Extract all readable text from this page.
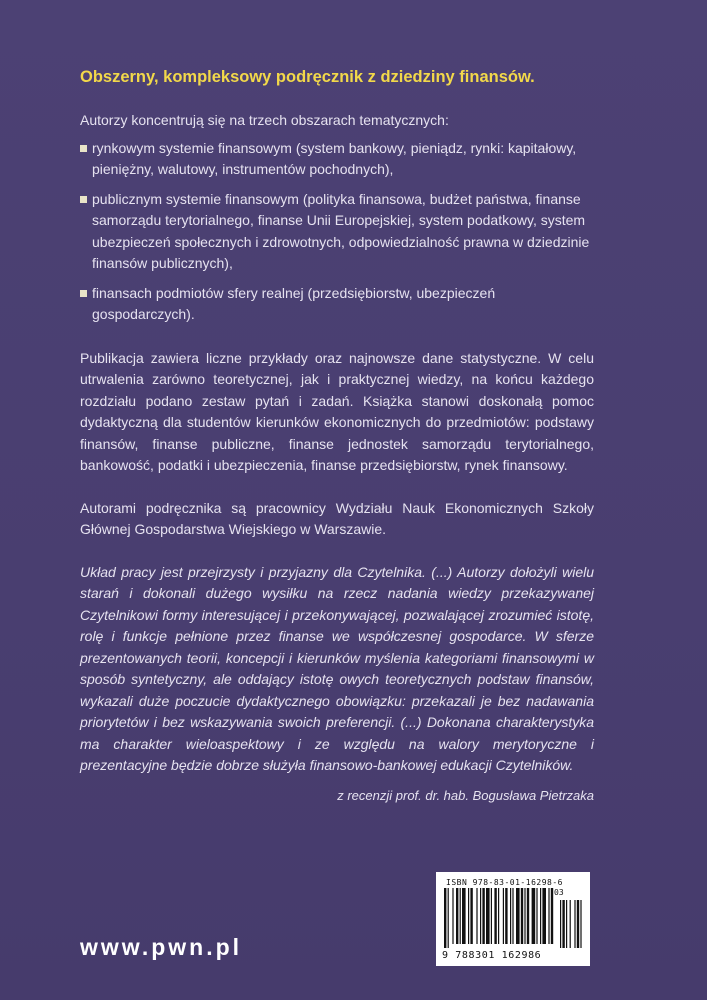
Obszerny, kompleksowy podręcznik z dziedziny finansów.

Autorzy koncentrują się na trzech obszarach tematycznych:

rynkowym systemie finansowym (system bankowy, pieniądz, rynki: kapitałowy, pieniężny, walutowy, instrumentów pochodnych),
publicznym systemie finansowym (polityka finansowa, budżet państwa, finanse samorządu terytorialnego, finanse Unii Europejskiej, system podatkowy, system ubezpieczeń społecznych i zdrowotnych, odpowiedzialność prawna w dziedzinie finansów publicznych),
finansach podmiotów sfery realnej (przedsiębiorstw, ubezpieczeń gospodarczych).

Publikacja zawiera liczne przykłady oraz najnowsze dane statystyczne. W celu utrwalenia zarówno teoretycznej, jak i praktycznej wiedzy, na końcu każdego rozdziału podano zestaw pytań i zadań. Książka stanowi doskonałą pomoc dydaktyczną dla studentów kierunków ekonomicznych do przedmiotów: podstawy finansów, finanse publiczne, finanse jednostek samorządu terytorialnego, bankowość, podatki i ubezpieczenia, finanse przedsiębiorstw, rynek finansowy.

Autorami podręcznika są pracownicy Wydziału Nauk Ekonomicznych Szkoły Głównej Gospodarstwa Wiejskiego w Warszawie.

Układ pracy jest przejrzysty i przyjazny dla Czytelnika. (...) Autorzy dołożyli wielu starań i dokonali dużego wysiłku na rzecz nadania wiedzy przekazywanej Czytelnikowi formy interesującej i przekonywającej, pozwalającej zrozumieć istotę, rolę i funkcje pełnione przez finanse we współczesnej gospodarce. W sferze prezentowanych teorii, koncepcji i kierunków myślenia kategoriami finansowymi w sposób syntetyczny, ale oddający istotę owych teoretycznych podstaw finansów, wykazali duże poczucie dydaktycznego obowiązku: przekazali je bez nadawania priorytetów i bez wskazywania swoich preferencji. (...) Dokonana charakterystyka ma charakter wieloaspektowy i ze względu na walory merytoryczne i prezentacyjne będzie dobrze służyła finansowo-bankowej edukacji Czytelników.

z recenzji prof. dr. hab. Bogusława Pietrzaka

www.pwn.pl
ISBN 978-83-01-16298-6
03
9 788301 162986
